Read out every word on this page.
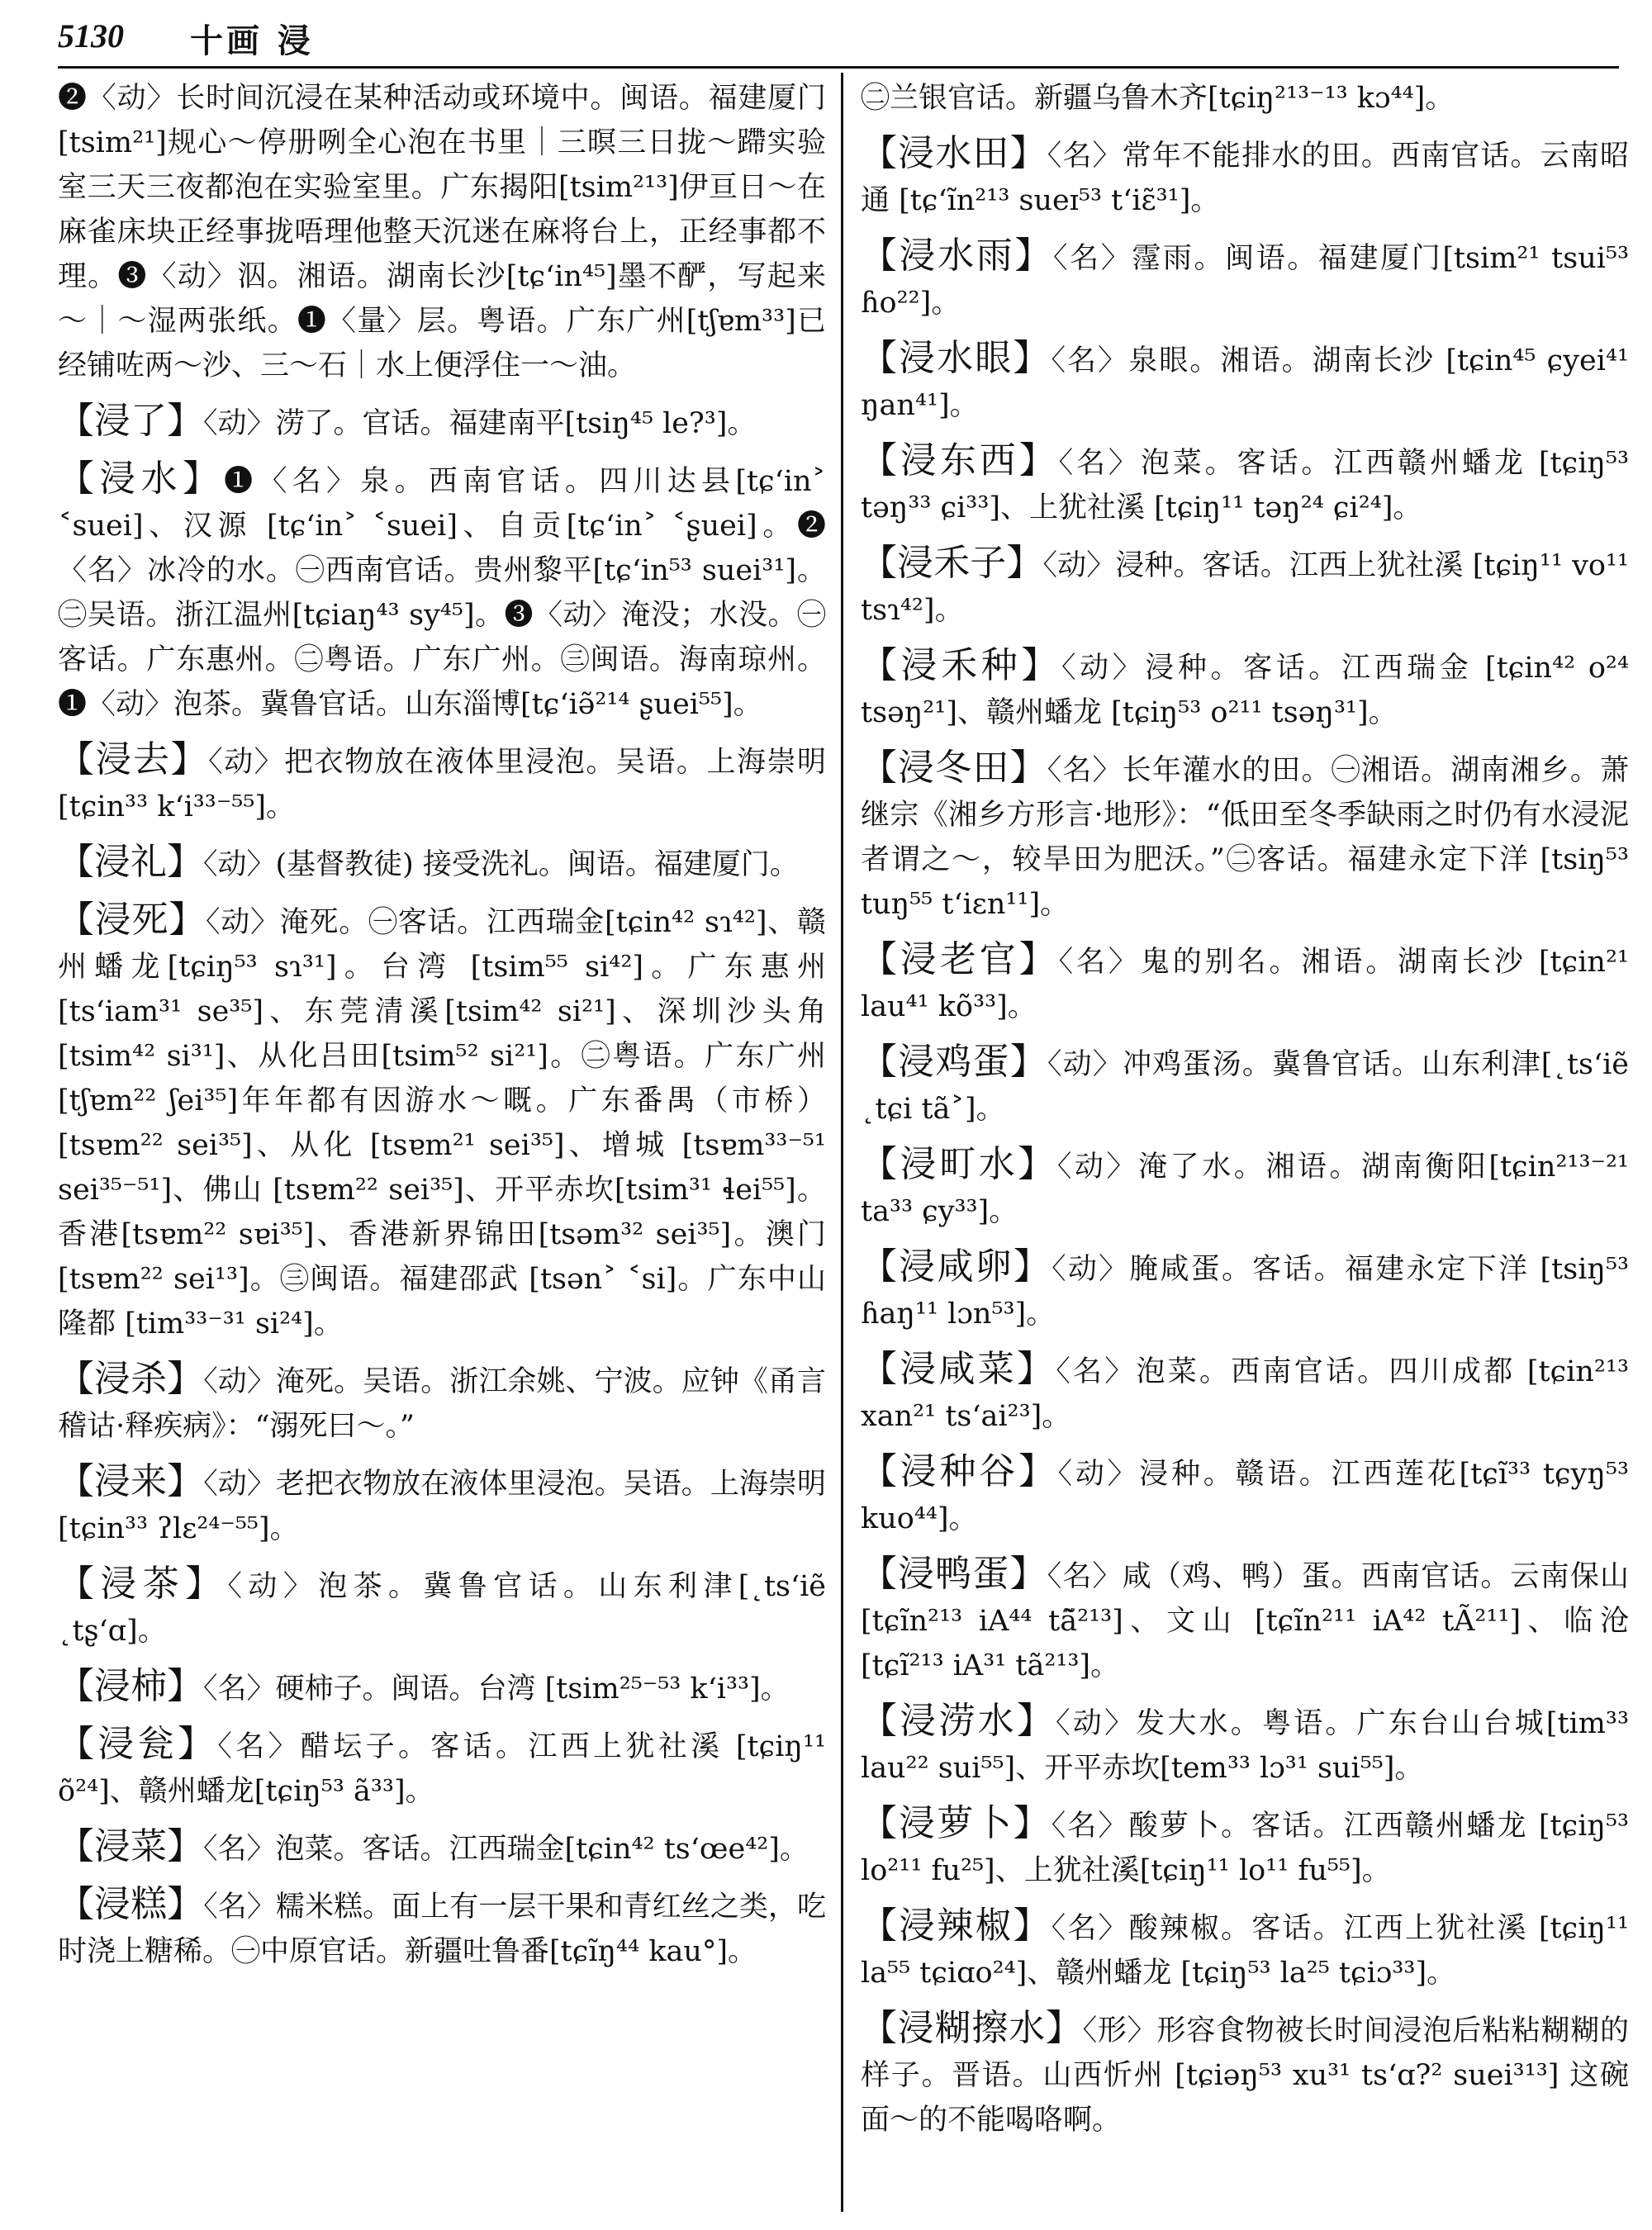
5130 十画 浸

❷〈动〉长时间沉浸在某种活动或环境中。闽语。福建厦门[tsim²¹]规心～停册咧全心泡在书里｜三暝三日拢～蹛实验室三天三夜都泡在实验室里。广东揭阳[tsim²¹³]伊亘日～在麻雀床块正经事拢唔理他整天沉迷在麻将台上，正经事都不理。❸〈动〉泅。湘语。湖南长沙[tɕʻin⁴⁵]墨不酽，写起来～｜～湿两张纸。❶〈量〉层。粤语。广东广州[tʃɐm³³]已经铺咗两～沙、三～石｜水上便浮住一～油。

【浸了】〈动〉涝了。官话。福建南平[tsiŋ⁴⁵ le?³]。

【浸水】❶〈名〉泉。西南官话。四川达县[tɕʻin˃ ˂suei]、汉源 [tɕʻin˃ ˂suei]、自贡[tɕʻin˃ ˂ʂuei]。❷〈名〉冰冷的水。㊀西南官话。贵州黎平[tɕʻin⁵³ suei³¹]。㊁吴语。浙江温州[tɕiaŋ⁴³ sy⁴⁵]。❸〈动〉淹没；水没。㊀客话。广东惠州。㊁粤语。广东广州。㊂闽语。海南琼州。❶〈动〉泡茶。冀鲁官话。山东淄博[tɕʻiə̃²¹⁴ ʂuei⁵⁵]。

【浸去】〈动〉把衣物放在液体里浸泡。吴语。上海崇明[tɕin³³ kʻi³³⁻⁵⁵]。

【浸礼】〈动〉(基督教徒) 接受洗礼。闽语。福建厦门。

【浸死】〈动〉淹死。㊀客话。江西瑞金[tɕin⁴² sɿ⁴²]、赣州蟠龙[tɕiŋ⁵³ sɿ³¹]。台湾 [tsim⁵⁵ si⁴²]。广东惠州 [tsʻiam³¹ se³⁵]、东莞清溪[tsim⁴² si²¹]、深圳沙头角[tsim⁴² si³¹]、从化吕田[tsim⁵² si²¹]。㊁粤语。广东广州[tʃɐm²² ʃei³⁵]年年都有因游水～嘅。广东番禺（市桥）[tsɐm²² sei³⁵]、从化 [tsɐm²¹ sei³⁵]、增城 [tsɐm³³⁻⁵¹ sei³⁵⁻⁵¹]、佛山 [tsɐm²² sei³⁵]、开平赤坎[tsim³¹ ɬei⁵⁵]。香港[tsɐm²² sɐi³⁵]、香港新界锦田[tsəm³² sei³⁵]。澳门[tsɐm²² sei¹³]。㊂闽语。福建邵武 [tsən˃ ˂si]。广东中山隆都 [tim³³⁻³¹ si²⁴]。

【浸杀】〈动〉淹死。吴语。浙江余姚、宁波。应钟《甬言稽诂·释疾病》：“溺死曰～。”

【浸来】〈动〉老把衣物放在液体里浸泡。吴语。上海崇明 [tɕin³³ ʔlɛ²⁴⁻⁵⁵]。

【浸茶】〈动〉泡茶。冀鲁官话。山东利津[˛tsʻiẽ ˛tʂʻɑ]。

【浸柿】〈名〉硬柿子。闽语。台湾 [tsim²⁵⁻⁵³ kʻi³³]。

【浸瓮】〈名〉醋坛子。客话。江西上犹社溪 [tɕiŋ¹¹ õ²⁴]、赣州蟠龙[tɕiŋ⁵³ ã³³]。

【浸菜】〈名〉泡菜。客话。江西瑞金[tɕin⁴² tsʻœe⁴²]。

【浸糕】〈名〉糯米糕。面上有一层干果和青红丝之类，吃时浇上糖稀。㊀中原官话。新疆吐鲁番[tɕĩŋ⁴⁴ kau°]。

㊁兰银官话。新疆乌鲁木齐[tɕiŋ²¹³⁻¹³ kɔ⁴⁴]。

【浸水田】〈名〉常年不能排水的田。西南官话。云南昭通 [tɕʻĩn²¹³ sueɪ⁵³ tʻiɛ̃³¹]。

【浸水雨】〈名〉霪雨。闽语。福建厦门[tsim²¹ tsui⁵³ ɦo²²]。

【浸水眼】〈名〉泉眼。湘语。湖南长沙 [tɕin⁴⁵ ɕyei⁴¹ ŋan⁴¹]。

【浸东西】〈名〉泡菜。客话。江西赣州蟠龙 [tɕiŋ⁵³ təŋ³³ ɕi³³]、上犹社溪 [tɕiŋ¹¹ təŋ²⁴ ɕi²⁴]。

【浸禾子】〈动〉浸种。客话。江西上犹社溪 [tɕiŋ¹¹ vo¹¹ tsɿ⁴²]。

【浸禾种】〈动〉浸种。客话。江西瑞金 [tɕin⁴² o²⁴ tsəŋ²¹]、赣州蟠龙 [tɕiŋ⁵³ o²¹¹ tsəŋ³¹]。

【浸冬田】〈名〉长年灌水的田。㊀湘语。湖南湘乡。萧继宗《湘乡方形言·地形》：“低田至冬季缺雨之时仍有水浸泥者谓之～，较旱田为肥沃。”㊁客话。福建永定下洋 [tsiŋ⁵³ tuŋ⁵⁵ tʻiɛn¹¹]。

【浸老官】〈名〉鬼的别名。湘语。湖南长沙 [tɕin²¹ lau⁴¹ kõ³³]。

【浸鸡蛋】〈动〉冲鸡蛋汤。冀鲁官话。山东利津[˛tsʻiẽ ˛tɕi tã˃]。

【浸町水】〈动〉淹了水。湘语。湖南衡阳[tɕin²¹³⁻²¹ ta³³ ɕy³³]。

【浸咸卵】〈动〉腌咸蛋。客话。福建永定下洋 [tsiŋ⁵³ ɦaŋ¹¹ lɔn⁵³]。

【浸咸菜】〈名〉泡菜。西南官话。四川成都 [tɕin²¹³ xan²¹ tsʻai²³]。

【浸种谷】〈动〉浸种。赣语。江西莲花[tɕĩ³³ tɕyŋ⁵³ kuo⁴⁴]。

【浸鸭蛋】〈名〉咸（鸡、鸭）蛋。西南官话。云南保山 [tɕĩn²¹³ iA⁴⁴ tã̃²¹³]、文山 [tɕĩn²¹¹ iA⁴² tÃ²¹¹]、临沧 [tɕĩ²¹³ iA³¹ tã²¹³]。

【浸涝水】〈动〉发大水。粤语。广东台山台城[tim³³ lau²² sui⁵⁵]、开平赤坎[tem³³ lɔ³¹ sui⁵⁵]。

【浸萝卜】〈名〉酸萝卜。客话。江西赣州蟠龙 [tɕiŋ⁵³ lo²¹¹ fu²⁵]、上犹社溪[tɕiŋ¹¹ lo¹¹ fu⁵⁵]。

【浸辣椒】〈名〉酸辣椒。客话。江西上犹社溪 [tɕiŋ¹¹ la⁵⁵ tɕiɑo²⁴]、赣州蟠龙 [tɕiŋ⁵³ la²⁵ tɕiɔ³³]。

【浸糊擦水】〈形〉形容食物被长时间浸泡后粘粘糊糊的样子。晋语。山西忻州 [tɕiəŋ⁵³ xu³¹ tsʻɑ?² suei³¹³] 这碗面～的不能喝咯啊。
